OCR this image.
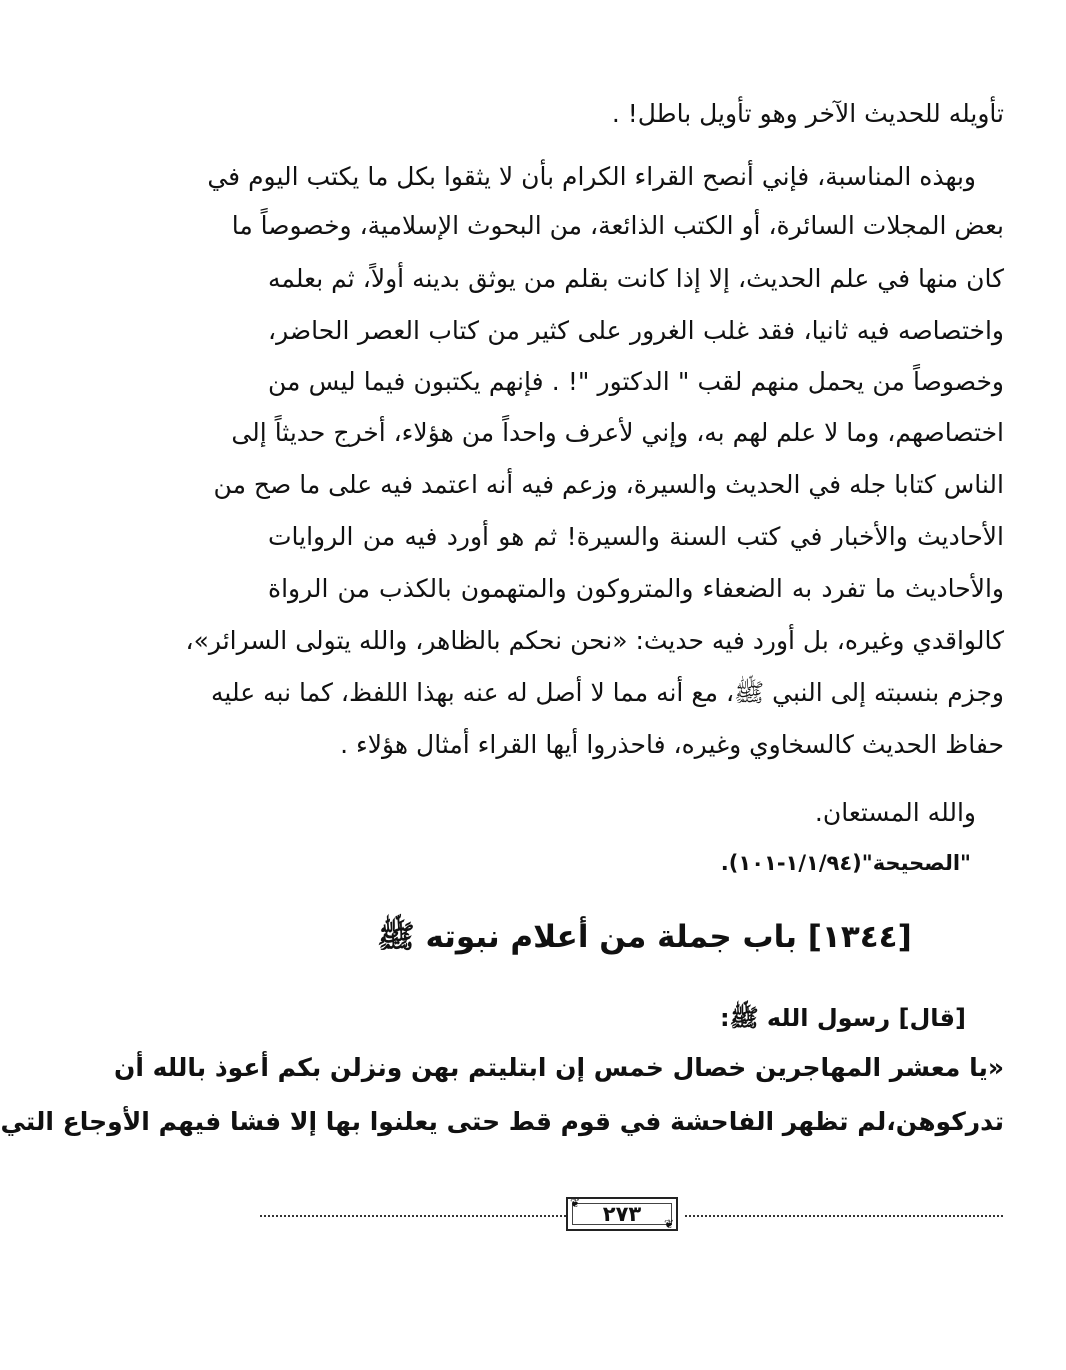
تأويله للحديث الآخر وهو تأويل باطل! .
وبهذه المناسبة، فإني أنصح القراء الكرام بأن لا يثقوا بكل ما يكتب اليوم في
بعض المجلات السائرة، أو الكتب الذائعة، من البحوث الإسلامية، وخصوصاً ما
كان منها في علم الحديث، إلا إذا كانت بقلم من يوثق بدينه أولاً، ثم بعلمه
واختصاصه فيه ثانيا، فقد غلب الغرور على كثير من كتاب العصر الحاضر،
وخصوصاً من يحمل منهم لقب " الدكتور "! . فإنهم يكتبون فيما ليس من
اختصاصهم، وما لا علم لهم به، وإني لأعرف واحداً من هؤلاء، أخرج حديثاً إلى
الناس كتابا جله في الحديث والسيرة، وزعم فيه أنه اعتمد فيه على ما صح من
الأحاديث والأخبار في كتب السنة والسيرة! ثم هو أورد فيه من الروايات
والأحاديث ما تفرد به الضعفاء والمتروكون والمتهمون بالكذب من الرواة
كالواقدي وغيره، بل أورد فيه حديث: «نحن نحكم بالظاهر، والله يتولى السرائر»،
وجزم بنسبته إلى النبي ﷺ، مع أنه مما لا أصل له عنه بهذا اللفظ، كما نبه عليه
حفاظ الحديث كالسخاوي وغيره، فاحذروا أيها القراء أمثال هؤلاء .
والله المستعان.
"الصحيحة"(١/١/٩٤-١٠١).
[١٣٤٤] باب جملة من أعلام نبوته ﷺ
[قال] رسول الله ﷺ:
«يا معشر المهاجرين خصال خمس إن ابتليتم بهن ونزلن بكم أعوذ بالله أن
تدركوهن،لم تظهر الفاحشة في قوم قط حتى يعلنوا بها إلا فشا فيهم الأوجاع التي
❦
❦
٢٧٣
